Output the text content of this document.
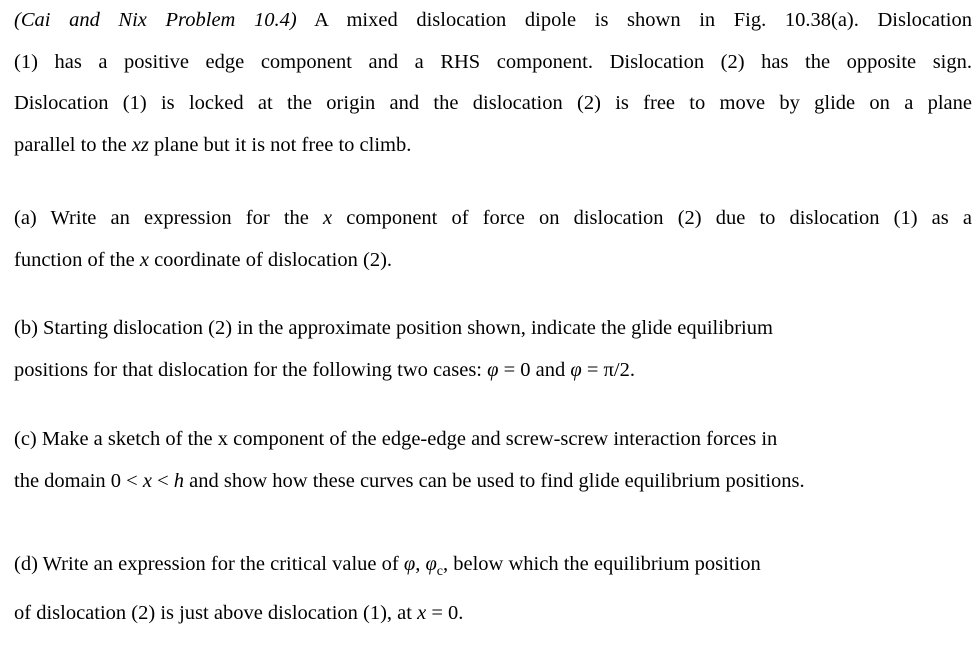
(Cai and Nix Problem 10.4) A mixed dislocation dipole is shown in Fig. 10.38(a). Dislocation
(1) has a positive edge component and a RHS component. Dislocation (2) has the opposite sign.
Dislocation (1) is locked at the origin and the dislocation (2) is free to move by glide on a plane
parallel to the xz plane but it is not free to climb.

(a) Write an expression for the x component of force on dislocation (2) due to dislocation (1) as a
function of the x coordinate of dislocation (2).

(b) Starting dislocation (2) in the approximate position shown, indicate the glide equilibrium
positions for that dislocation for the following two cases: φ = 0 and φ = π/2.

(c) Make a sketch of the x component of the edge-edge and screw-screw interaction forces in
the domain 0 < x < h and show how these curves can be used to find glide equilibrium positions.

(d) Write an expression for the critical value of φ, $\varphi_c$, below which the equilibrium position
of dislocation (2) is just above dislocation (1), at x = 0.
